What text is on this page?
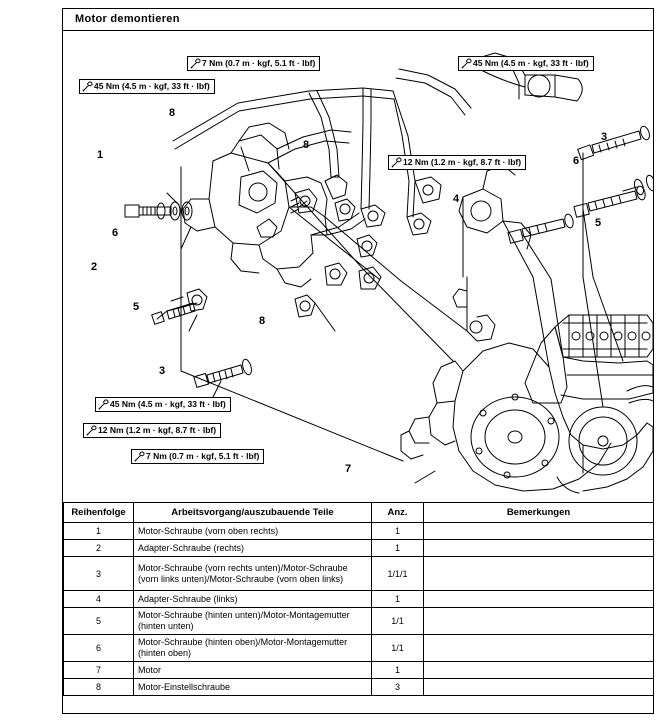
Motor demontieren
45 Nm (4.5 m · kgf, 33 ft · lbf)
7 Nm (0.7 m · kgf, 5.1 ft · lbf)	45 Nm (4.5 m · kgf, 33 ft · lbf)
12 Nm (1.2 m · kgf, 8.7 ft · lbf)
45 Nm (4.5 m · kgf, 33 ft · lbf)
12 Nm (1.2 m · kgf, 8.7 ft · lbf)
7 Nm (0.7 m · kgf, 5.1 ft · lbf)
1
6
8
8
2
5
3
8
3
6
5
4
7
Reihenfolge	Arbeitsvorgang/auszubauende Teile	Anz.	Bemerkungen
1	Motor-Schraube (vorn oben rechts)	1	
2	Adapter-Schraube (rechts)	1	
3	Motor-Schraube (vorn rechts unten)/Motor-Schraube (vorn links unten)/Motor-Schraube (vorn oben links)	1/1/1	
4	Adapter-Schraube (links)	1	
5	Motor-Schraube (hinten unten)/Motor-Montagemutter (hinten unten)	1/1	
6	Motor-Schraube (hinten oben)/Motor-Montagemutter (hinten oben)	1/1	
7	Motor	1	
8	Motor-Einstellschraube	3	
